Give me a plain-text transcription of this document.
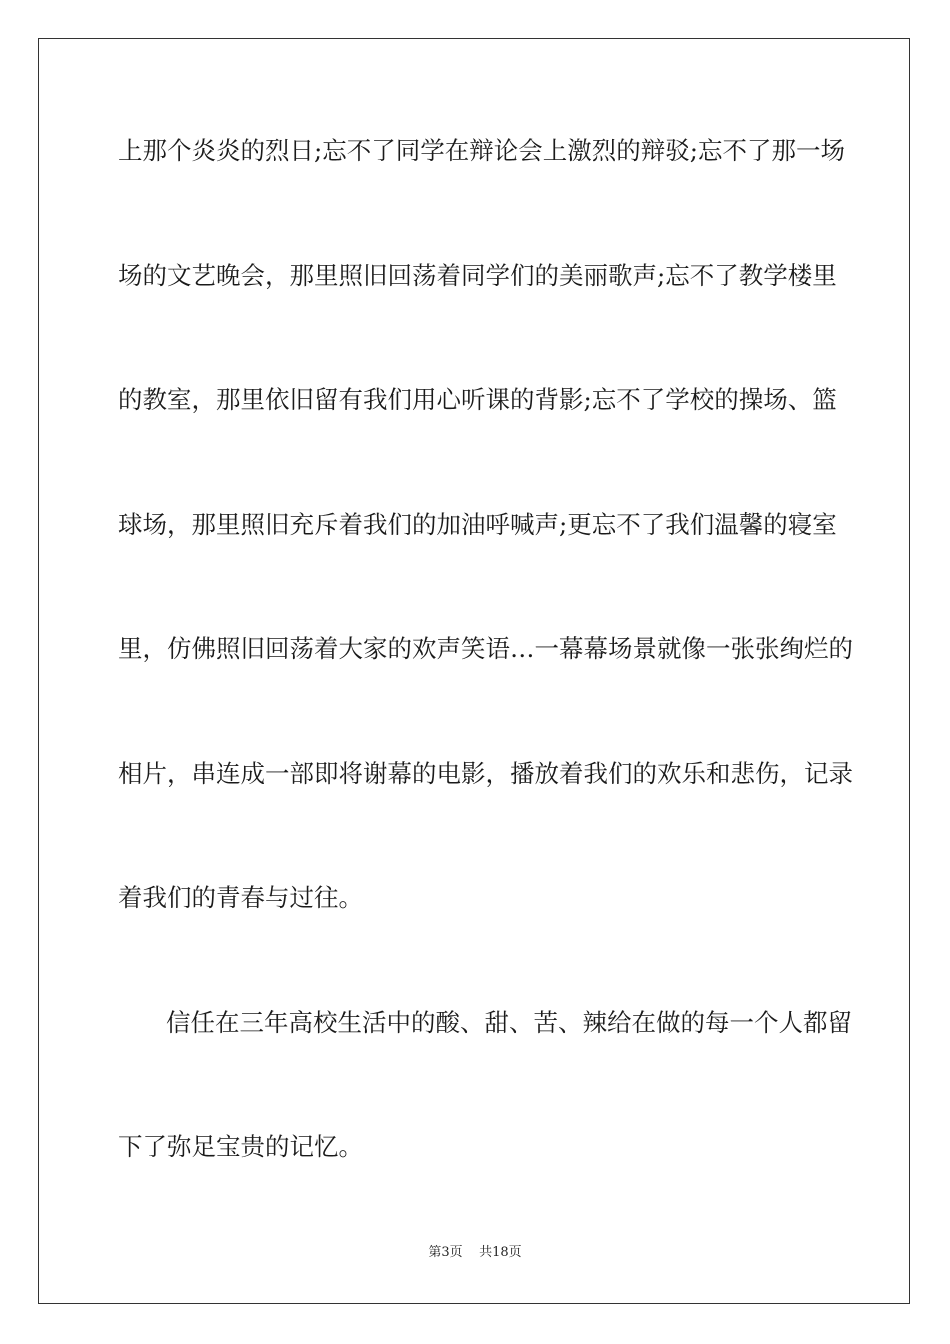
上那个炎炎的烈日;忘不了同学在辩论会上激烈的辩驳;忘不了那一场
场的文艺晚会，那里照旧回荡着同学们的美丽歌声;忘不了教学楼里
的教室，那里依旧留有我们用心听课的背影;忘不了学校的操场、篮
球场，那里照旧充斥着我们的加油呼喊声;更忘不了我们温馨的寝室
里，仿佛照旧回荡着大家的欢声笑语…一幕幕场景就像一张张绚烂的
相片，串连成一部即将谢幕的电影，播放着我们的欢乐和悲伤，记录
着我们的青春与过往。
信任在三年高校生活中的酸、甜、苦、辣给在做的每一个人都留
下了弥足宝贵的记忆。
第3页 共18页
